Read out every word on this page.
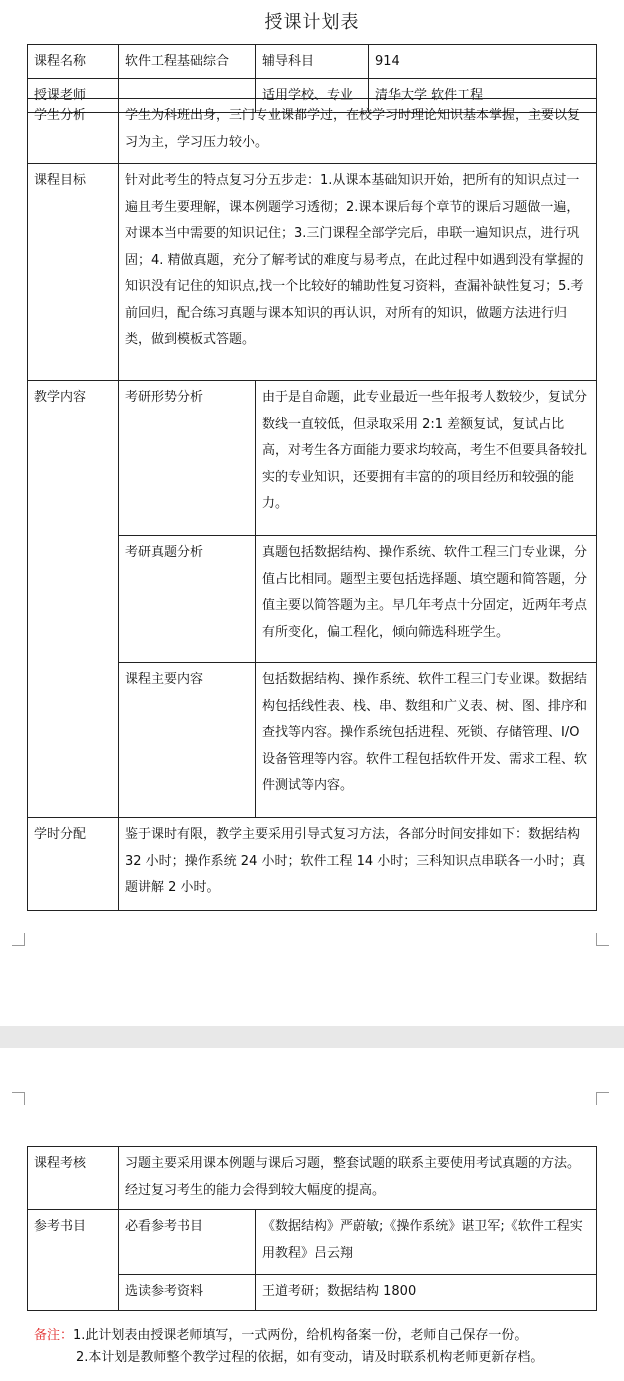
授课计划表
课程名称	软件工程基础综合	辅导科目	914
授课老师		适用学校、专业	清华大学 软件工程
学生分析	学生为科班出身，三门专业课都学过，在校学习时理论知识基本掌握，主要以复习为主，学习压力较小。	
课程目标	针对此考生的特点复习分五步走：1.从课本基础知识开始，把所有的知识点过一遍且考生要理解，课本例题学习透彻；2.课本课后每个章节的课后习题做一遍，对课本当中需要的知识记住；3.三门课程全部学完后，串联一遍知识点，进行巩固；4. 精做真题，充分了解考试的难度与易考点，在此过程中如遇到没有掌握的知识没有记住的知识点,找一个比较好的辅助性复习资料，查漏补缺性复习；5.考前回归，配合练习真题与课本知识的再认识，对所有的知识，做题方法进行归类，做到模板式答题。	
教学内容	考研形势分析	由于是自命题，此专业最近一些年报考人数较少，复试分数线一直较低，但录取采用 2:1 差额复试，复试占比高，对考生各方面能力要求均较高，考生不但要具备较扎实的专业知识，还要拥有丰富的的项目经历和较强的能力。
	考研真题分析	真题包括数据结构、操作系统、软件工程三门专业课，分值占比相同。题型主要包括选择题、填空题和简答题，分值主要以简答题为主。早几年考点十分固定，近两年考点有所变化，偏工程化，倾向筛选科班学生。
	课程主要内容	包括数据结构、操作系统、软件工程三门专业课。数据结构包括线性表、栈、串、数组和广义表、树、图、排序和查找等内容。操作系统包括进程、死锁、存储管理、I/O 设备管理等内容。软件工程包括软件开发、需求工程、软件测试等内容。
学时分配	鉴于课时有限，教学主要采用引导式复习方法，各部分时间安排如下：数据结构 32 小时；操作系统 24 小时；软件工程 14 小时；三科知识点串联各一小时；真题讲解 2 小时。	
课程考核	习题主要采用课本例题与课后习题，整套试题的联系主要使用考试真题的方法。经过复习考生的能力会得到较大幅度的提高。	
参考书目	必看参考书目	《数据结构》严蔚敏;《操作系统》谌卫军;《软件工程实用教程》吕云翔
	选读参考资料	王道考研；数据结构 1800
备注：1.此计划表由授课老师填写，一式两份，给机构备案一份，老师自己保存一份。
2.本计划是教师整个教学过程的依据，如有变动，请及时联系机构老师更新存档。
